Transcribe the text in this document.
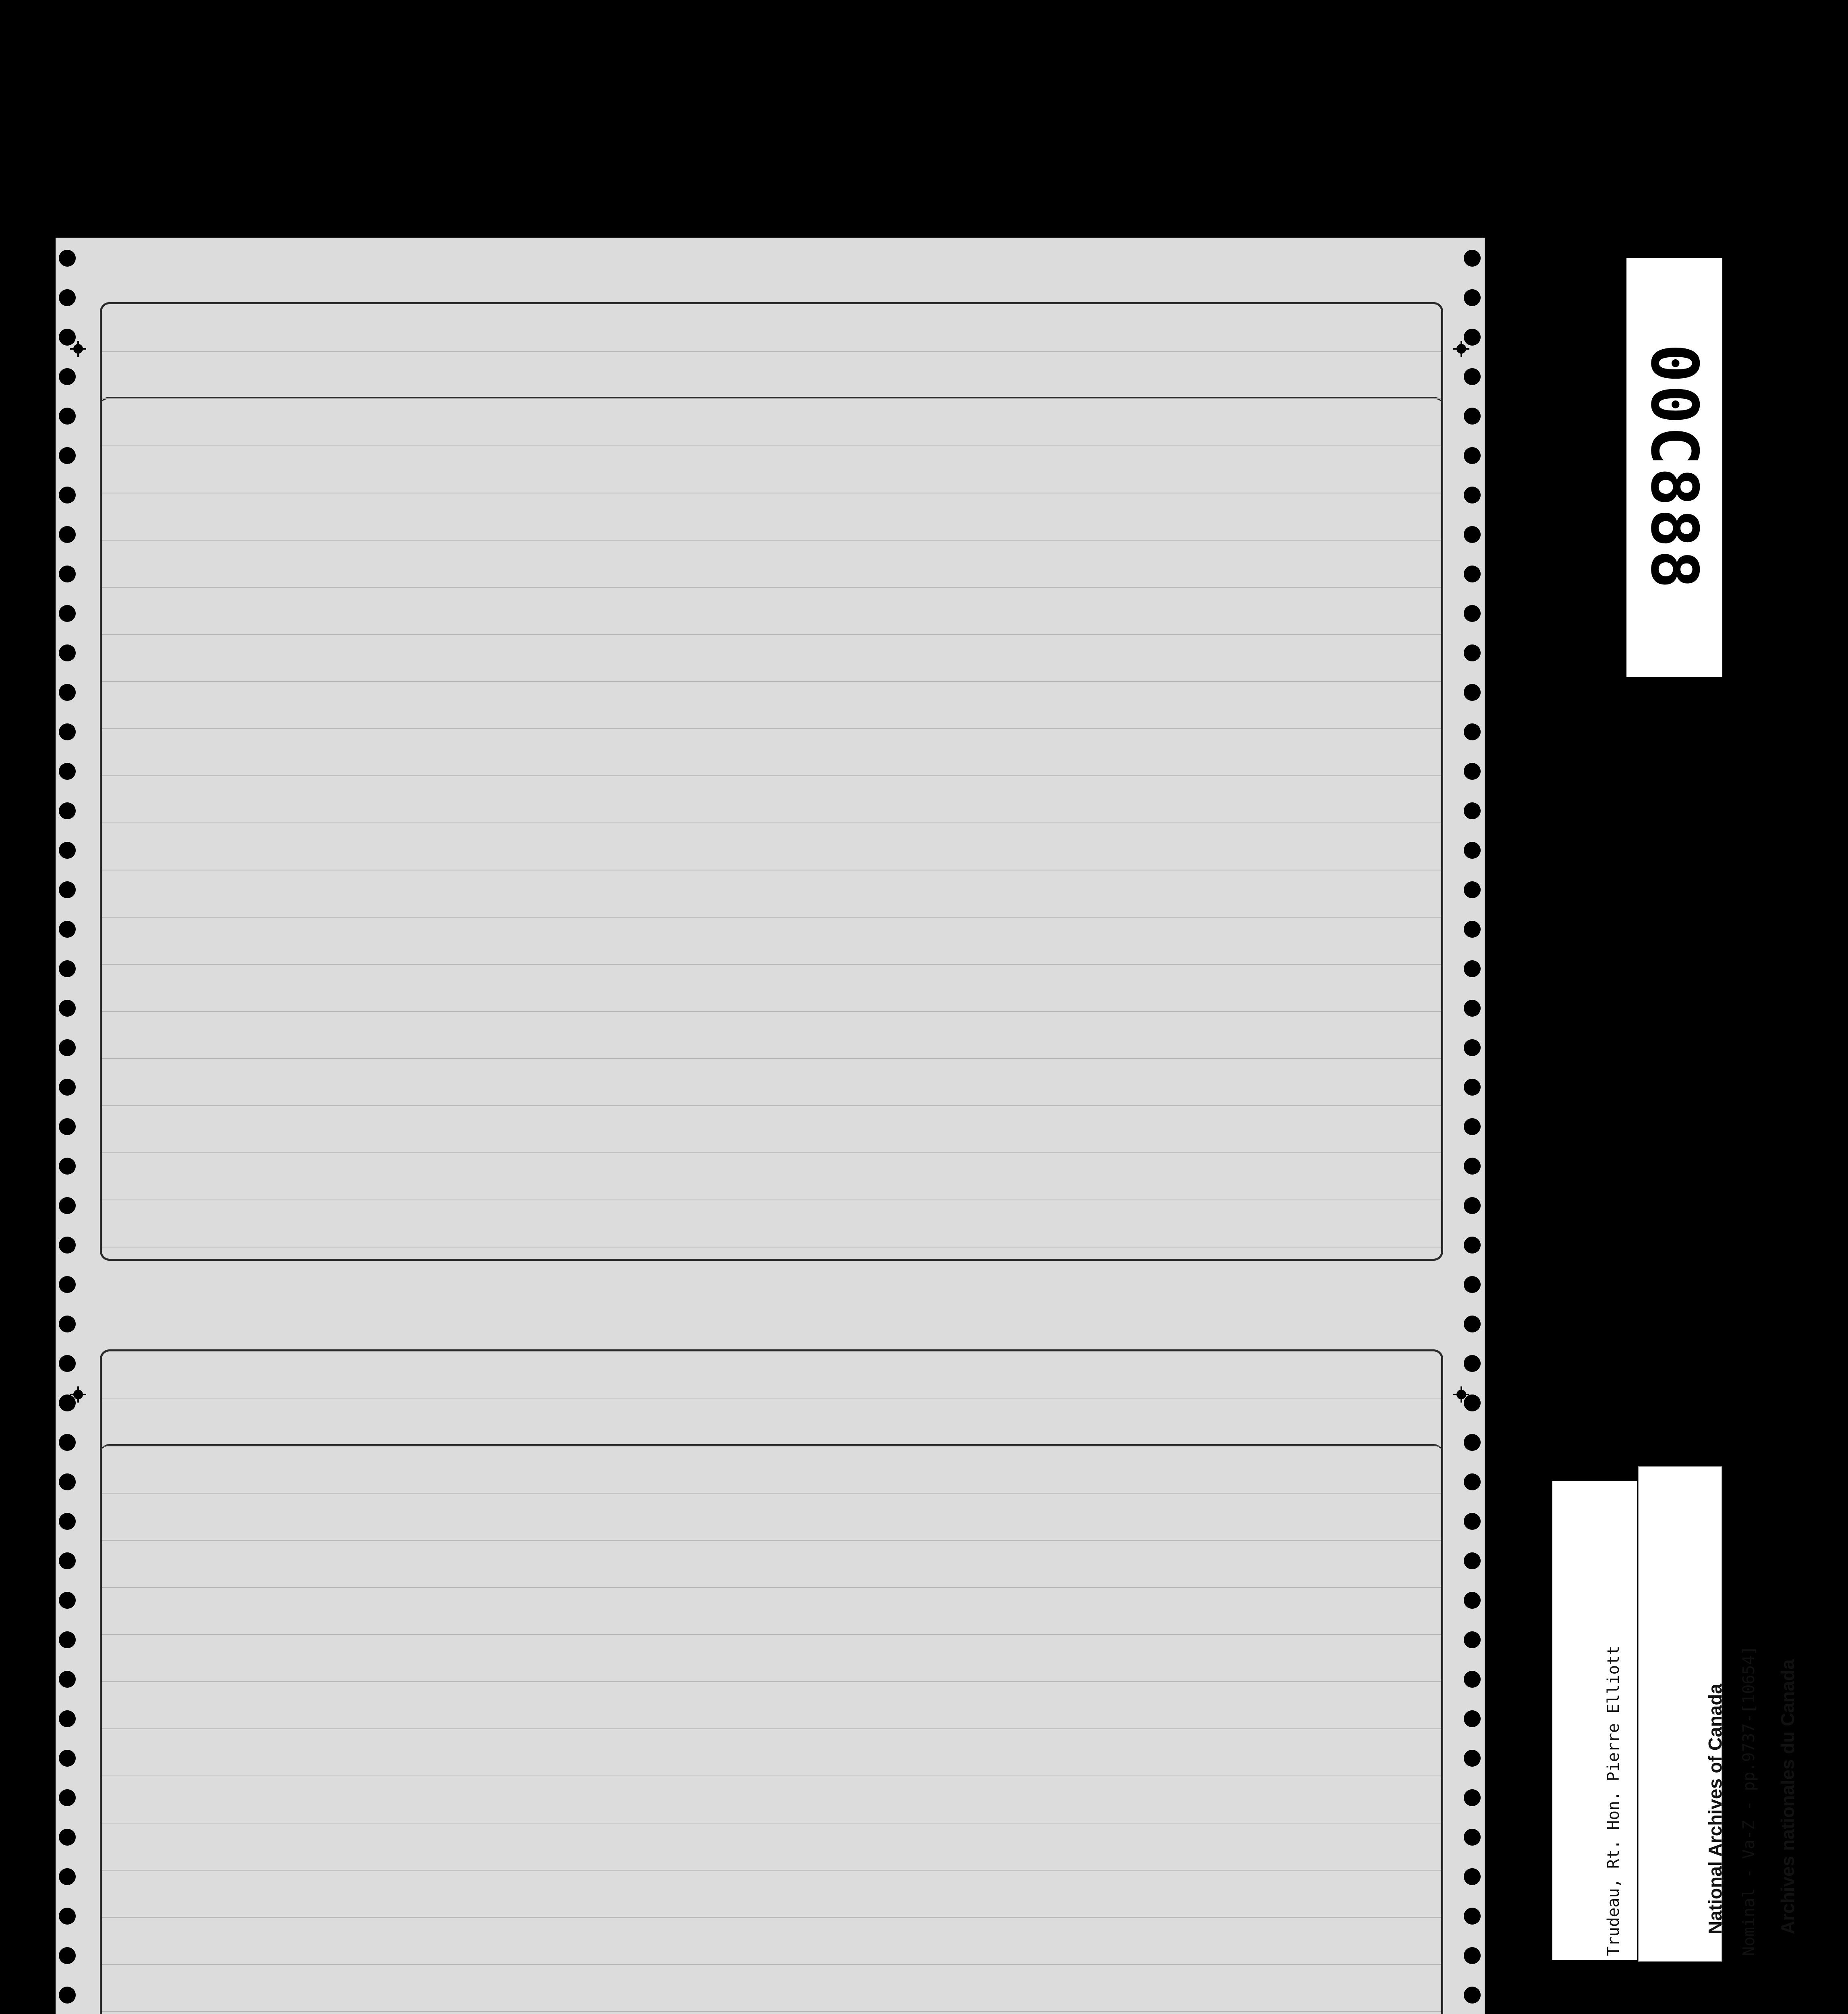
00C888

Trudeau, Rt. Hon. Pierre Elliott

	Nominal - Va-Z - pp.9737-[10654]

National Archives of Canada

	Archives nationales du Canada
